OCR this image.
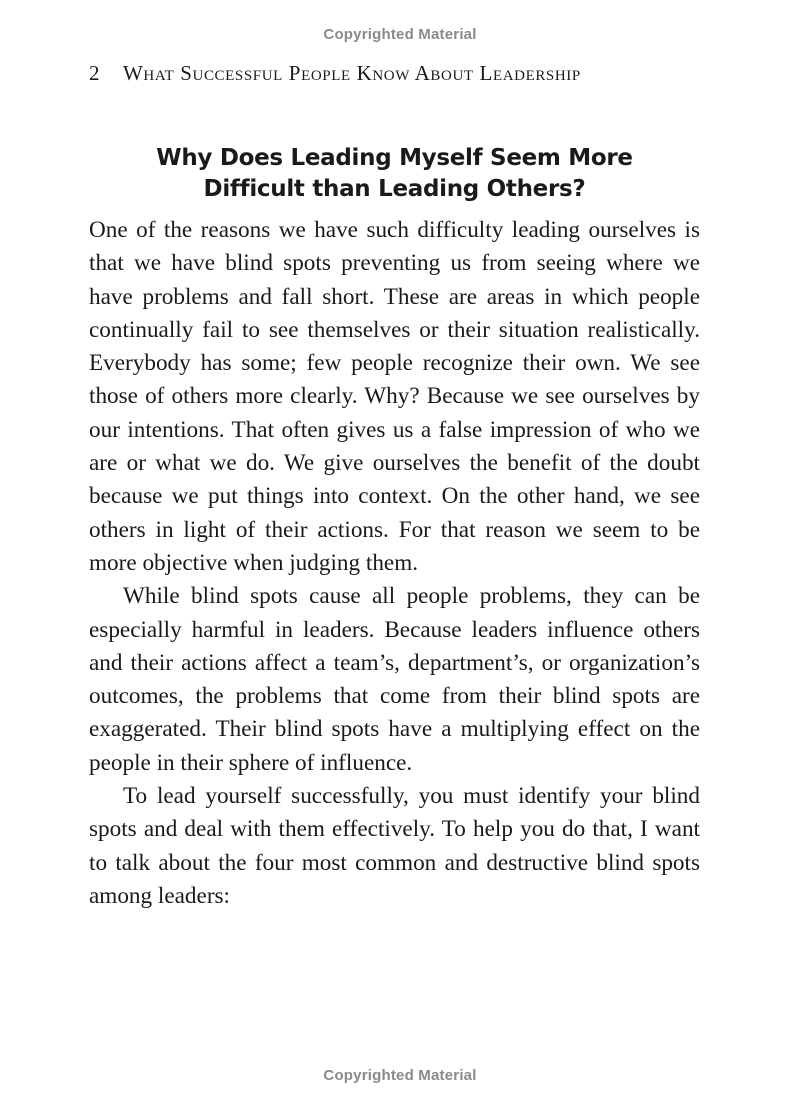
Copyrighted Material
2 What Successful People Know About Leadership
Why Does Leading Myself Seem More
Difficult than Leading Others?

One of the reasons we have such difficulty leading ourselves is that we have blind spots preventing us from seeing where we have problems and fall short. These are areas in which people continually fail to see themselves or their situation realistically. Everybody has some; few people recognize their own. We see those of others more clearly. Why? Because we see ourselves by our intentions. That often gives us a false impression of who we are or what we do. We give ourselves the benefit of the doubt because we put things into context. On the other hand, we see others in light of their actions. For that reason we seem to be more objective when judging them.

While blind spots cause all people problems, they can be especially harmful in leaders. Because leaders influence others and their actions affect a team’s, department’s, or organization’s outcomes, the problems that come from their blind spots are exaggerated. Their blind spots have a multiplying effect on the people in their sphere of influence.

To lead yourself successfully, you must identify your blind spots and deal with them effectively. To help you do that, I want to talk about the four most common and destructive blind spots among leaders:

Copyrighted Material
